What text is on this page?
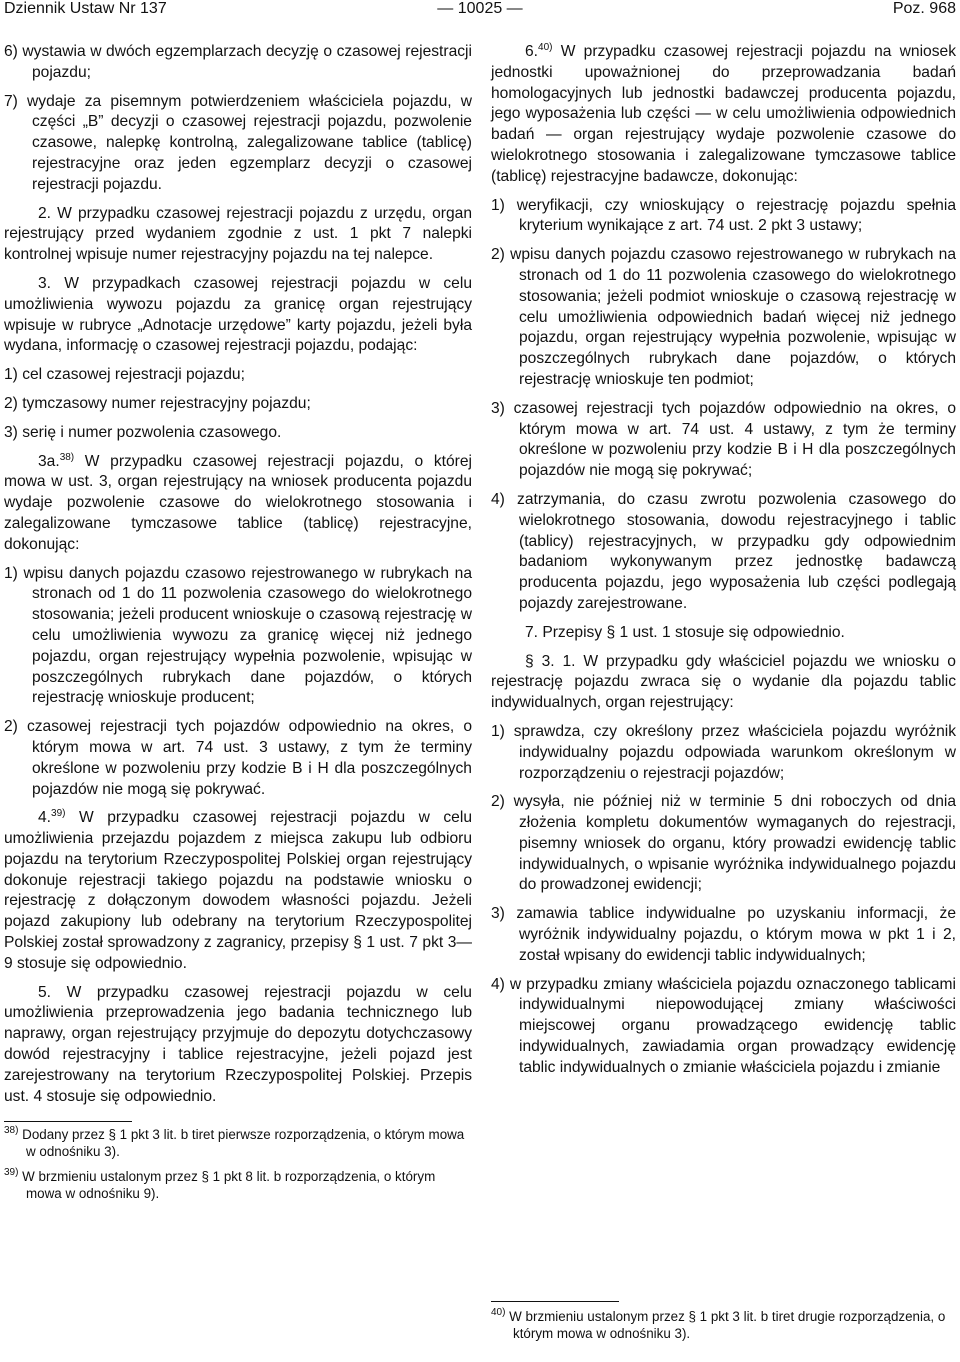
Dziennik Ustaw Nr 137	— 10025 —	Poz. 968

6) wystawia w dwóch egzemplarzach decyzję o czasowej rejestracji pojazdu;

7) wydaje za pisemnym potwierdzeniem właściciela pojazdu, w części „B” decyzji o czasowej rejestracji pojazdu, pozwolenie czasowe, nalepkę kontrolną, zalegalizowane tablice (tablicę) rejestracyjne oraz jeden egzemplarz decyzji o czasowej rejestracji pojazdu.

2. W przypadku czasowej rejestracji pojazdu z urzędu, organ rejestrujący przed wydaniem zgodnie z ust. 1 pkt 7 nalepki kontrolnej wpisuje numer rejestracyjny pojazdu na tej nalepce.

3. W przypadkach czasowej rejestracji pojazdu w celu umożliwienia wywozu pojazdu za granicę organ rejestrujący wpisuje w rubryce „Adnotacje urzędowe” karty pojazdu, jeżeli była wydana, informację o czasowej rejestracji pojazdu, podając:

1) cel czasowej rejestracji pojazdu;

2) tymczasowy numer rejestracyjny pojazdu;

3) serię i numer pozwolenia czasowego.

3a.$^{38)}$ W przypadku czasowej rejestracji pojazdu, o której mowa w ust. 3, organ rejestrujący na wniosek producenta pojazdu wydaje pozwolenie czasowe do wielokrotnego stosowania i zalegalizowane tymczasowe tablice (tablicę) rejestracyjne, dokonując:

1) wpisu danych pojazdu czasowo rejestrowanego w rubrykach na stronach od 1 do 11 pozwolenia czasowego do wielokrotnego stosowania; jeżeli producent wnioskuje o czasową rejestrację w celu umożliwienia wywozu za granicę więcej niż jednego pojazdu, organ rejestrujący wypełnia pozwolenie, wpisując w poszczególnych rubrykach dane pojazdów, o których rejestrację wnioskuje producent;

2) czasowej rejestracji tych pojazdów odpowiednio na okres, o którym mowa w art. 74 ust. 3 ustawy, z tym że terminy określone w pozwoleniu przy kodzie B i H dla poszczególnych pojazdów nie mogą się pokrywać.

4.$^{39)}$ W przypadku czasowej rejestracji pojazdu w celu umożliwienia przejazdu pojazdem z miejsca zakupu lub odbioru pojazdu na terytorium Rzeczypospolitej Polskiej organ rejestrujący dokonuje rejestracji takiego pojazdu na podstawie wniosku o rejestrację z dołączonym dowodem własności pojazdu. Jeżeli pojazd zakupiony lub odebrany na terytorium Rzeczypospolitej Polskiej został sprowadzony z zagranicy, przepisy § 1 ust. 7 pkt 3—9 stosuje się odpowiednio.

5. W przypadku czasowej rejestracji pojazdu w celu umożliwienia przeprowadzenia jego badania technicznego lub naprawy, organ rejestrujący przyjmuje do depozytu dotychczasowy dowód rejestracyjny i tablice rejestracyjne, jeżeli pojazd jest zarejestrowany na terytorium Rzeczypospolitej Polskiej. Przepis ust. 4 stosuje się odpowiednio.

$^{38)}$ Dodany przez § 1 pkt 3 lit. b tiret pierwsze rozporządzenia, o którym mowa w odnośniku 3).

$^{39)}$ W brzmieniu ustalonym przez § 1 pkt 8 lit. b rozporządzenia, o którym mowa w odnośniku 9).

6.$^{40)}$ W przypadku czasowej rejestracji pojazdu na wniosek jednostki upoważnionej do przeprowadzania badań homologacyjnych lub jednostki badawczej producenta pojazdu, jego wyposażenia lub części — w celu umożliwienia odpowiednich badań — organ rejestrujący wydaje pozwolenie czasowe do wielokrotnego stosowania i zalegalizowane tymczasowe tablice (tablicę) rejestracyjne badawcze, dokonując:

1) weryfikacji, czy wnioskujący o rejestrację pojazdu spełnia kryterium wynikające z art. 74 ust. 2 pkt 3 ustawy;

2) wpisu danych pojazdu czasowo rejestrowanego w rubrykach na stronach od 1 do 11 pozwolenia czasowego do wielokrotnego stosowania; jeżeli podmiot wnioskuje o czasową rejestrację w celu umożliwienia odpowiednich badań więcej niż jednego pojazdu, organ rejestrujący wypełnia pozwolenie, wpisując w poszczególnych rubrykach dane pojazdów, o których rejestrację wnioskuje ten podmiot;

3) czasowej rejestracji tych pojazdów odpowiednio na okres, o którym mowa w art. 74 ust. 4 ustawy, z tym że terminy określone w pozwoleniu przy kodzie B i H dla poszczególnych pojazdów nie mogą się pokrywać;

4) zatrzymania, do czasu zwrotu pozwolenia czasowego do wielokrotnego stosowania, dowodu rejestracyjnego i tablic (tablicy) rejestracyjnych, w przypadku gdy odpowiednim badaniom wykonywanym przez jednostkę badawczą producenta pojazdu, jego wyposażenia lub części podlegają pojazdy zarejestrowane.

7. Przepisy § 1 ust. 1 stosuje się odpowiednio.

§ 3. 1. W przypadku gdy właściciel pojazdu we wniosku o rejestrację pojazdu zwraca się o wydanie dla pojazdu tablic indywidualnych, organ rejestrujący:

1) sprawdza, czy określony przez właściciela pojazdu wyróżnik indywidualny pojazdu odpowiada warunkom określonym w rozporządzeniu o rejestracji pojazdów;

2) wysyła, nie później niż w terminie 5 dni roboczych od dnia złożenia kompletu dokumentów wymaganych do rejestracji, pisemny wniosek do organu, który prowadzi ewidencję tablic indywidualnych, o wpisanie wyróżnika indywidualnego pojazdu do prowadzonej ewidencji;

3) zamawia tablice indywidualne po uzyskaniu informacji, że wyróżnik indywidualny pojazdu, o którym mowa w pkt 1 i 2, został wpisany do ewidencji tablic indywidualnych;

4) w przypadku zmiany właściciela pojazdu oznaczonego tablicami indywidualnymi niepowodującej zmiany właściwości miejscowej organu prowadzącego ewidencję tablic indywidualnych, zawiadamia organ prowadzący ewidencję tablic indywidualnych o zmianie właściciela pojazdu i zmianie

$^{40)}$ W brzmieniu ustalonym przez § 1 pkt 3 lit. b tiret drugie rozporządzenia, o którym mowa w odnośniku 3).
